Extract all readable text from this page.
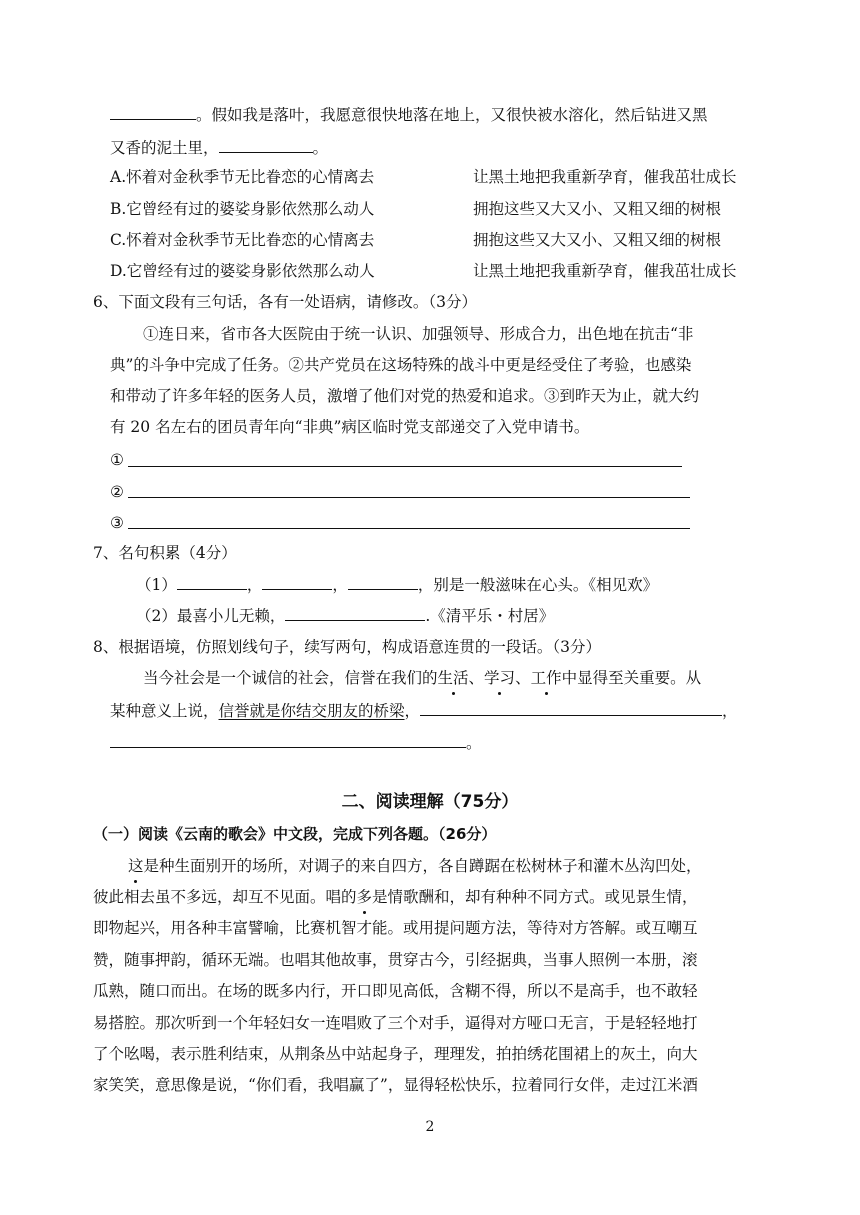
。假如我是落叶，我愿意很快地落在地上，又很快被水溶化，然后钻进又黑
又香的泥土里，	。
A.怀着对金秋季节无比眷恋的心情离去	让黑土地把我重新孕育，催我茁壮成长
B.它曾经有过的婆娑身影依然那么动人	拥抱这些又大又小、又粗又细的树根
C.怀着对金秋季节无比眷恋的心情离去	拥抱这些又大又小、又粗又细的树根
D.它曾经有过的婆娑身影依然那么动人	让黑土地把我重新孕育，催我茁壮成长
6、下面文段有三句话，各有一处语病，请修改。（3分）
①连日来，省市各大医院由于统一认识、加强领导、形成合力，出色地在抗击“非
典”的斗争中完成了任务。②共产党员在这场特殊的战斗中更是经受住了考验，也感染
和带动了许多年轻的医务人员，激增了他们对党的热爱和追求。③到昨天为止，就大约
有 20 名左右的团员青年向“非典”病区临时党支部递交了入党申请书。
①
②
③
7、名句积累（4分）
（1）	，	，	，别是一般滋味在心头。《相见欢》
（2）最喜小儿无赖，	.《清平乐・村居》
8、根据语境，仿照划线句子，续写两句，构成语意连贯的一段话。（3分）
当今社会是一个诚信的社会，信誉在我们的生活、学习、工作中显得至关重要。从
某种意义上说，信誉就是你结交朋友的桥梁，	，
。
二、阅读理解（75分）
（一）阅读《云南的歌会》中文段，完成下列各题。（26分）
这是种生面别开的场所，对调子的来自四方，各自蹲踞在松树林子和灌木丛沟凹处，
彼此相去虽不多远，却互不见面。唱的多是情歌酬和，却有种种不同方式。或见景生情，
即物起兴，用各种丰富譬喻，比赛机智才能。或用提问题方法，等待对方答解。或互嘲互
赞，随事押韵，循环无端。也唱其他故事，贯穿古今，引经据典，当事人照例一本册，滚
瓜熟，随口而出。在场的既多内行，开口即见高低，含糊不得，所以不是高手，也不敢轻
易搭腔。那次听到一个年轻妇女一连唱败了三个对手，逼得对方哑口无言，于是轻轻地打
了个吆喝，表示胜利结束，从荆条丛中站起身子，理理发，拍拍绣花围裙上的灰土，向大
家笑笑，意思像是说，“你们看，我唱赢了”，显得轻松快乐，拉着同行女伴，走过江米酒
2
